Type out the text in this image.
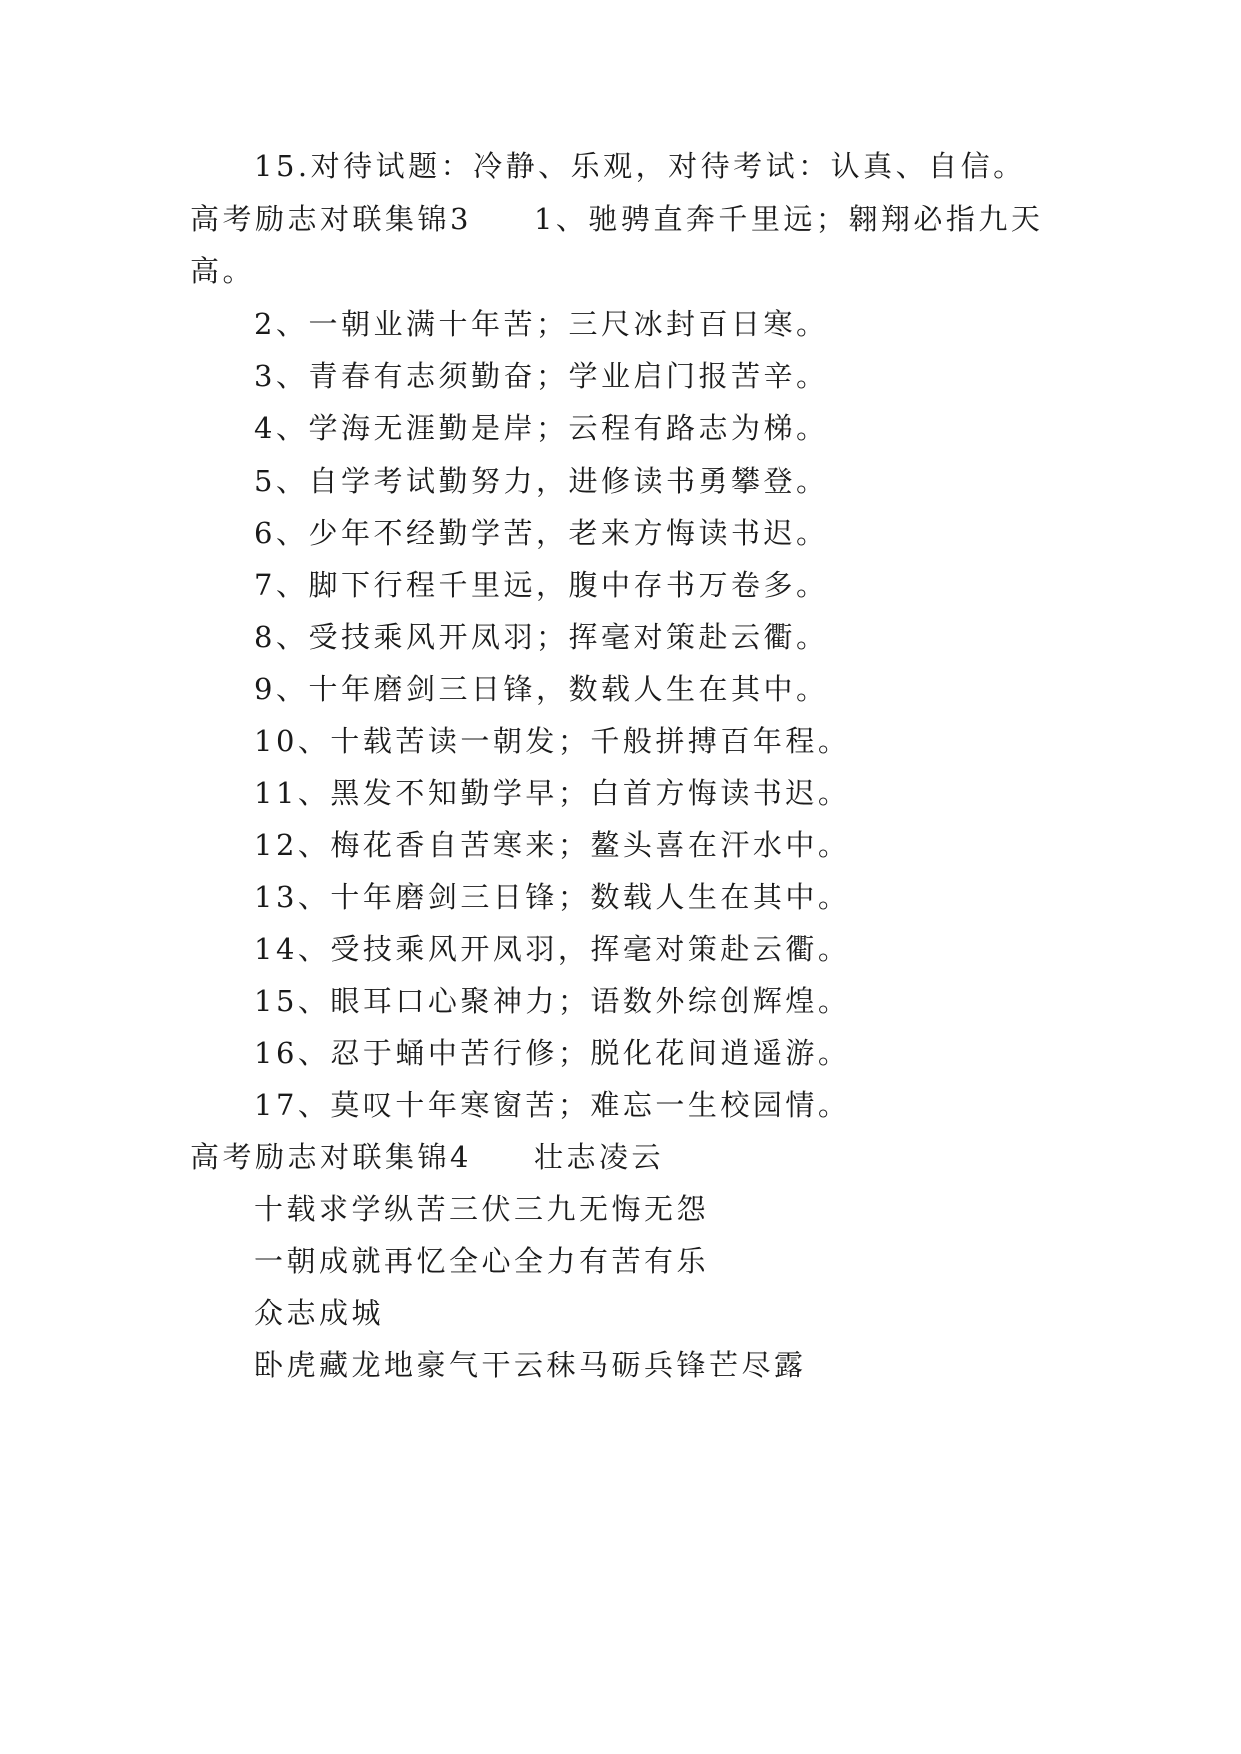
15.对待试题：冷静、乐观，对待考试：认真、自信。
高考励志对联集锦3 1、驰骋直奔千里远；翱翔必指九天
高。
2、一朝业满十年苦；三尺冰封百日寒。
3、青春有志须勤奋；学业启门报苦辛。
4、学海无涯勤是岸；云程有路志为梯。
5、自学考试勤努力，进修读书勇攀登。
6、少年不经勤学苦，老来方悔读书迟。
7、脚下行程千里远，腹中存书万卷多。
8、受技乘风开凤羽；挥毫对策赴云衢。
9、十年磨剑三日锋，数载人生在其中。
10、十载苦读一朝发；千般拼搏百年程。
11、黑发不知勤学早；白首方悔读书迟。
12、梅花香自苦寒来；鳌头喜在汗水中。
13、十年磨剑三日锋；数载人生在其中。
14、受技乘风开凤羽，挥毫对策赴云衢。
15、眼耳口心聚神力；语数外综创辉煌。
16、忍于蛹中苦行修；脱化花间逍遥游。
17、莫叹十年寒窗苦；难忘一生校园情。
高考励志对联集锦4 壮志凌云
十载求学纵苦三伏三九无悔无怨
一朝成就再忆全心全力有苦有乐
众志成城
卧虎藏龙地豪气干云秣马砺兵锋芒尽露
